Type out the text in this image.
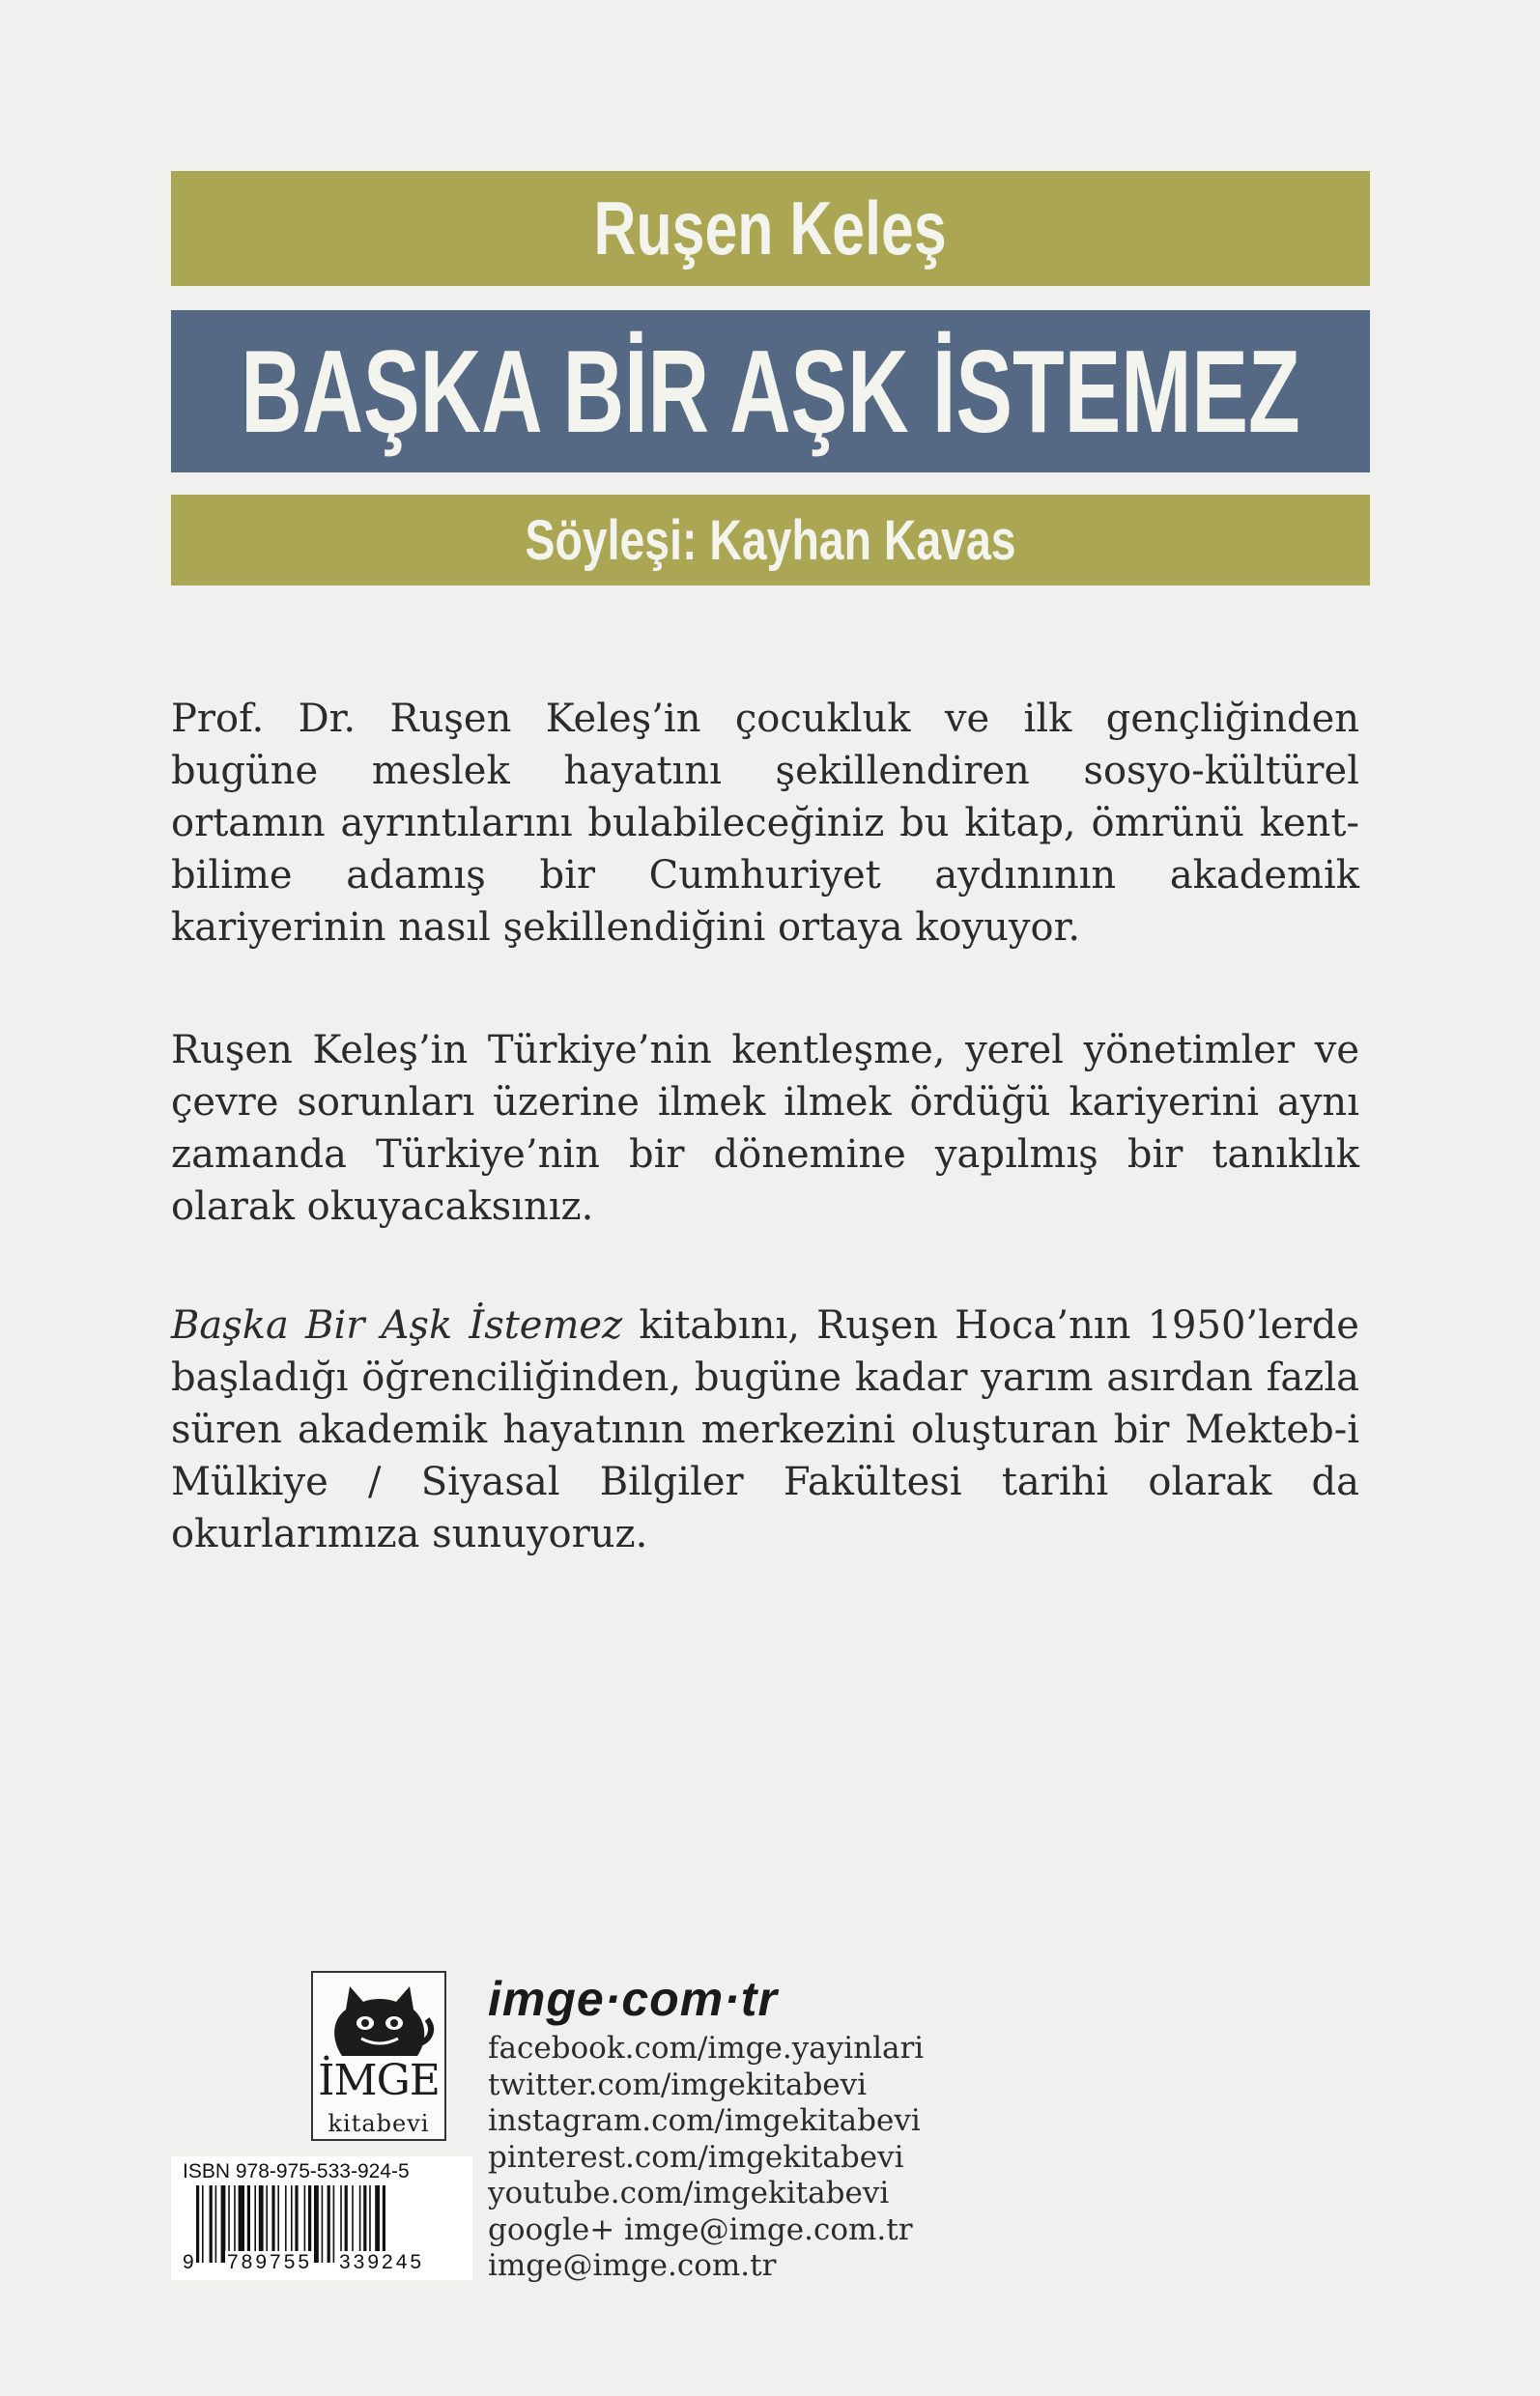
Ruşen Keleş
BAŞKA BİR AŞK İSTEMEZ
Söyleşi: Kayhan Kavas

Prof. Dr. Ruşen Keleş’in çocukluk ve ilk gençliğinden bugüne meslek hayatını şekillendiren sosyo-kültürel ortamın ayrıntılarını bulabileceğiniz bu kitap, ömrünü kent-bilime adamış bir Cumhuriyet aydınının akademik kariyerinin nasıl şekillendiğini ortaya koyuyor.

Ruşen Keleş’in Türkiye’nin kentleşme, yerel yönetimler ve çevre sorunları üzerine ilmek ilmek ördüğü kariyerini aynı zamanda Türkiye’nin bir dönemine yapılmış bir tanıklık olarak okuyacaksınız.

Başka Bir Aşk İstemez kitabını, Ruşen Hoca’nın 1950’lerde başladığı öğrenciliğinden, bugüne kadar yarım asırdan fazla süren akademik hayatının merkezini oluşturan bir Mekteb-i Mülkiye / Siyasal Bilgiler Fakültesi tarihi olarak da okurlarımıza sunuyoruz.

İMGE
kitabevi
ISBN 978-975-533-924-5
9 789755 339245
imge·com·tr
facebook.com/imge.yayinlari
twitter.com/imgekitabevi
instagram.com/imgekitabevi
pinterest.com/imgekitabevi
youtube.com/imgekitabevi
google+ imge@imge.com.tr
imge@imge.com.tr
